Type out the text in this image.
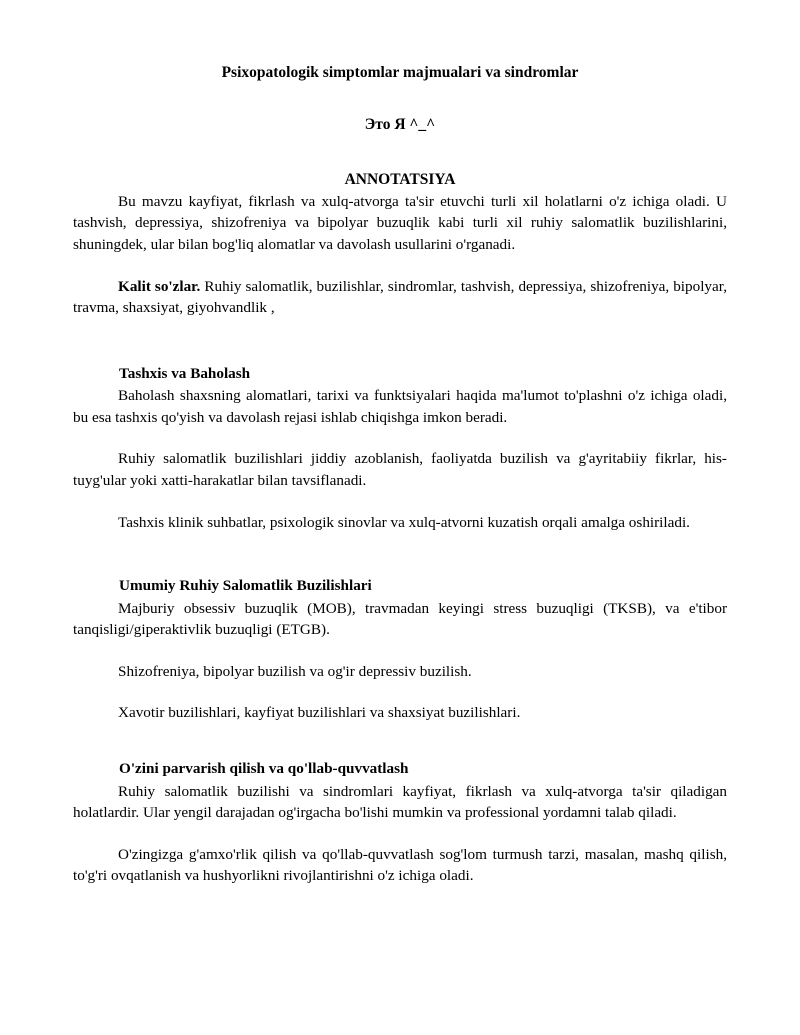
Psixopatologik simptomlar majmualari va sindromlar
Это Я ^_^
ANNOTATSIYA

Bu mavzu kayfiyat, fikrlash va xulq-atvorga ta'sir etuvchi turli xil holatlarni o'z ichiga oladi. U tashvish, depressiya, shizofreniya va bipolyar buzuqlik kabi turli xil ruhiy salomatlik buzilishlarini, shuningdek, ular bilan bog'liq alomatlar va davolash usullarini o'rganadi.

Kalit so'zlar. Ruhiy salomatlik, buzilishlar, sindromlar, tashvish, depressiya, shizofreniya, bipolyar, travma, shaxsiyat, giyohvandlik ,

Tashxis va Baholash

Baholash shaxsning alomatlari, tarixi va funktsiyalari haqida ma'lumot to'plashni o'z ichiga oladi, bu esa tashxis qo'yish va davolash rejasi ishlab chiqishga imkon beradi.

Ruhiy salomatlik buzilishlari jiddiy azoblanish, faoliyatda buzilish va g'ayritabiiy fikrlar, his-tuyg'ular yoki xatti-harakatlar bilan tavsiflanadi.

Tashxis klinik suhbatlar, psixologik sinovlar va xulq-atvorni kuzatish orqali amalga oshiriladi.

Umumiy Ruhiy Salomatlik Buzilishlari

Majburiy obsessiv buzuqlik (MOB), travmadan keyingi stress buzuqligi (TKSB), va e'tibor tanqisligi/giperaktivlik buzuqligi (ETGB).

Shizofreniya, bipolyar buzilish va og'ir depressiv buzilish.

Xavotir buzilishlari, kayfiyat buzilishlari va shaxsiyat buzilishlari.

O'zini parvarish qilish va qo'llab-quvvatlash

Ruhiy salomatlik buzilishi va sindromlari kayfiyat, fikrlash va xulq-atvorga ta'sir qiladigan holatlardir. Ular yengil darajadan og'irgacha bo'lishi mumkin va professional yordamni talab qiladi.

O'zingizga g'amxo'rlik qilish va qo'llab-quvvatlash sog'lom turmush tarzi, masalan, mashq qilish, to'g'ri ovqatlanish va hushyorlikni rivojlantirishni o'z ichiga oladi.
